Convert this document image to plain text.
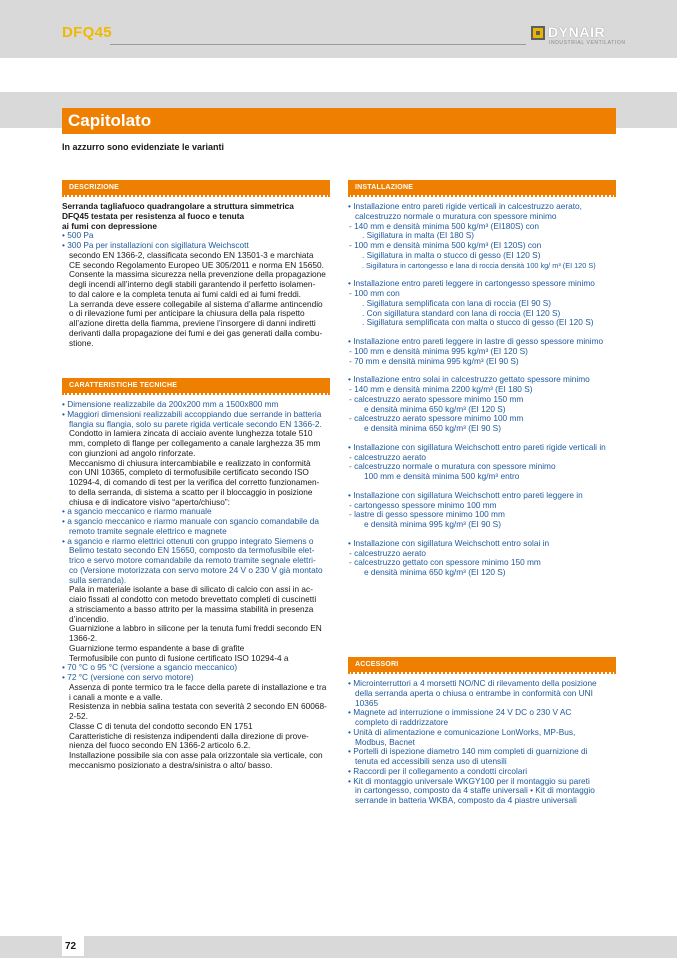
DFQ45	DYNAIR
INDUSTRIAL VENTILATION
Capitolato
In azzurro sono evidenziate le varianti
DESCRIZIONE

Serranda tagliafuoco quadrangolare a struttura simmetrica

DFQ45 testata per resistenza al fuoco e tenuta

ai fumi con depressione

• 500 Pa

• 300 Pa per installazioni con sigillatura Weichscott

secondo EN 1366-2, classificata secondo EN 13501-3 e marchiata

CE secondo Regolamento Europeo UE 305/2011 e norma EN 15650.

Consente la massima sicurezza nella prevenzione della propagazione

degli incendi all’interno degli stabili garantendo il perfetto isolamen-

to dal calore e la completa tenuta ai fumi caldi ed ai fumi freddi.

La serranda deve essere collegabile al sistema d’allarme antincendio

o di rilevazione fumi per anticipare la chiusura della pala rispetto

all’azione diretta della fiamma, previene l’insorgere di danni indiretti

derivanti dalla propagazione dei fumi e dei gas generati dalla combu-

stione.

CARATTERISTICHE TECNICHE

• Dimensione realizzabile da 200x200 mm a 1500x800 mm

• Maggiori dimensioni realizzabili accoppiando due serrande in batteria

flangia su flangia, solo su parete rigida verticale secondo EN 1366-2.

Condotto in lamiera zincata di acciaio avente lunghezza totale 510

mm, completo di flange per collegamento a canale larghezza 35 mm

con giunzioni ad angolo rinforzate.

Meccanismo di chiusura intercambiabile e realizzato in conformità

con UNI 10365, completo di termofusibile certificato secondo ISO

10294-4, di comando di test per la verifica del corretto funzionamen-

to della serranda, di sistema a scatto per il bloccaggio in posizione

chiusa e di indicatore visivo “aperto/chiuso”:

• a sgancio meccanico e riarmo manuale

• a sgancio meccanico e riarmo manuale con sgancio comandabile da

remoto tramite segnale elettrico e magnete

• a sgancio e riarmo elettrici ottenuti con gruppo integrato Siemens o

Belimo testato secondo EN 15650, composto da termofusibile elet-

trico e servo motore comandabile da remoto tramite segnale elettri-

co (Versione motorizzata con servo motore 24 V o 230 V già montato

sulla serranda).

Pala in materiale isolante a base di silicato di calcio con assi in ac-

ciaio fissati al condotto con metodo brevettato completi di cuscinetti

a strisciamento a basso attrito per la massima stabilità in presenza

d’incendio.

Guarnizione a labbro in silicone per la tenuta fumi freddi secondo EN

1366-2.

Guarnizione termo espandente a base di grafite

Termofusibile con punto di fusione certificato ISO 10294-4 a

• 70 °C o 95 °C (versione a sgancio meccanico)

• 72 °C (versione con servo motore)

Assenza di ponte termico tra le facce della parete di installazione e tra

i canali a monte e a valle.

Resistenza in nebbia salina testata con severità 2 secondo EN 60068-

2-52.

Classe C di tenuta del condotto secondo EN 1751

Caratteristiche di resistenza indipendenti dalla direzione di prove-

nienza del fuoco secondo EN 1366-2 articolo 6.2.

Installazione possibile sia con asse pala orizzontale sia verticale, con

meccanismo posizionato a destra/sinistra o alto/ basso.

INSTALLAZIONE

• Installazione entro pareti rigide verticali in calcestruzzo aerato,

calcestruzzo normale o muratura con spessore minimo

- 140 mm e densità minima 500 kg/m³ (EI180S) con

. Sigillatura in malta (EI 180 S)

- 100 mm e densità minima 500 kg/m³ (EI 120S) con

. Sigillatura in malta o stucco di gesso (EI 120 S)

. Sigillatura in cartongesso e lana di roccia densità 100 kg/ m³ (EI 120 S)

• Installazione entro pareti leggere in cartongesso spessore minimo

- 100 mm con

. Sigillatura semplificata con lana di roccia (EI 90 S)

. Con sigillatura standard con lana di roccia (EI 120 S)

. Sigillatura semplificata con malta o stucco di gesso (EI 120 S)

• Installazione entro pareti leggere in lastre di gesso spessore minimo

- 100 mm e densità minima 995 kg/m³ (EI 120 S)

- 70 mm e densità minima 995 kg/m³ (EI 90 S)

• Installazione entro solai in calcestruzzo gettato spessore minimo

- 140 mm e densità minima 2200 kg/m³ (EI 180 S)

- calcestruzzo aerato spessore minimo 150 mm

e densità minima 650 kg/m³ (EI 120 S)

- calcestruzzo aerato spessore minimo 100 mm

e densità minima 650 kg/m³ (EI 90 S)

• Installazione con sigillatura Weichschott entro pareti rigide verticali in

- calcestruzzo aerato

- calcestruzzo normale o muratura con spessore minimo

100 mm e densità minima 500 kg/m³ entro

• Installazione con sigillatura Weichschott entro pareti leggere in

- cartongesso spessore minimo 100 mm

- lastre di gesso spessore minimo 100 mm

e densità minima 995 kg/m³ (EI 90 S)

• Installazione con sigillatura Weichschott entro solai in

- calcestruzzo aerato

- calcestruzzo gettato con spessore minimo 150 mm

e densità minima 650 kg/m³ (EI 120 S)

ACCESSORI

• Microinterruttori a 4 morsetti NO/NC di rilevamento della posizione

della serranda aperta o chiusa o entrambe in conformità con UNI

10365

• Magnete ad interruzione o immissione 24 V DC o 230 V AC

completo di raddrizzatore

• Unità di alimentazione e comunicazione LonWorks, MP-Bus,

Modbus, Bacnet

• Portelli di ispezione diametro 140 mm completi di guarnizione di

tenuta ed accessibili senza uso di utensili

• Raccordi per il collegamento a condotti circolari

• Kit di montaggio universale WKGY100 per il montaggio su pareti

in cartongesso, composto da 4 staffe universali • Kit di montaggio

serrande in batteria WKBA, composto da 4 piastre universali

72
